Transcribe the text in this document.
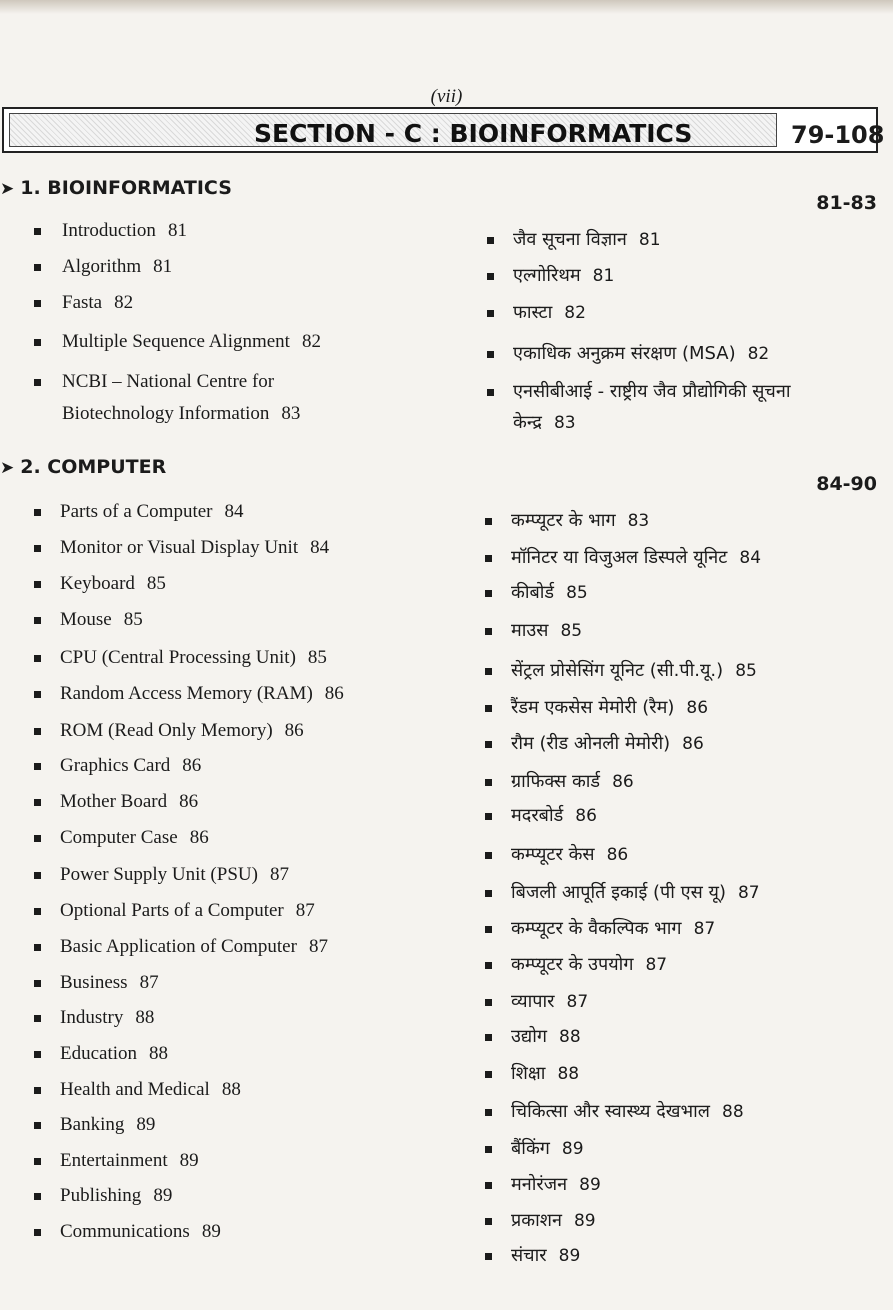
(vii)
SECTION - C : BIOINFORMATICS	79-108
➤ 1. BIOINFORMATICS
81-83
Introduction 81
Algorithm 81
Fasta 82
Multiple Sequence Alignment 82
NCBI – National Centre for
Biotechnology Information 83
जैव सूचना विज्ञान 81
एल्गोरिथम 81
फास्टा 82
एकाधिक अनुक्रम संरक्षण (MSA) 82
एनसीबीआई - राष्ट्रीय जैव प्रौद्योगिकी सूचना
केन्द्र 83
➤ 2. COMPUTER
84-90
Parts of a Computer 84
Monitor or Visual Display Unit 84
Keyboard 85
Mouse 85
CPU (Central Processing Unit) 85
Random Access Memory (RAM) 86
ROM (Read Only Memory) 86
Graphics Card 86
Mother Board 86
Computer Case 86
Power Supply Unit (PSU) 87
Optional Parts of a Computer 87
Basic Application of Computer 87
Business 87
Industry 88
Education 88
Health and Medical 88
Banking 89
Entertainment 89
Publishing 89
Communications 89
कम्प्यूटर के भाग 83
मॉनिटर या विजुअल डिस्पले यूनिट 84
कीबोर्ड 85
माउस 85
सेंट्रल प्रोसेसिंग यूनिट (सी.पी.यू.) 85
रैंडम एकसेस मेमोरी (रैम) 86
रौम (रीड ओनली मेमोरी) 86
ग्राफिक्स कार्ड 86
मदरबोर्ड 86
कम्प्यूटर केस 86
बिजली आपूर्ति इकाई (पी एस यू) 87
कम्प्यूटर के वैकल्पिक भाग 87
कम्प्यूटर के उपयोग 87
व्यापार 87
उद्योग 88
शिक्षा 88
चिकित्सा और स्वास्थ्य देखभाल 88
बैंकिंग 89
मनोरंजन 89
प्रकाशन 89
संचार 89
